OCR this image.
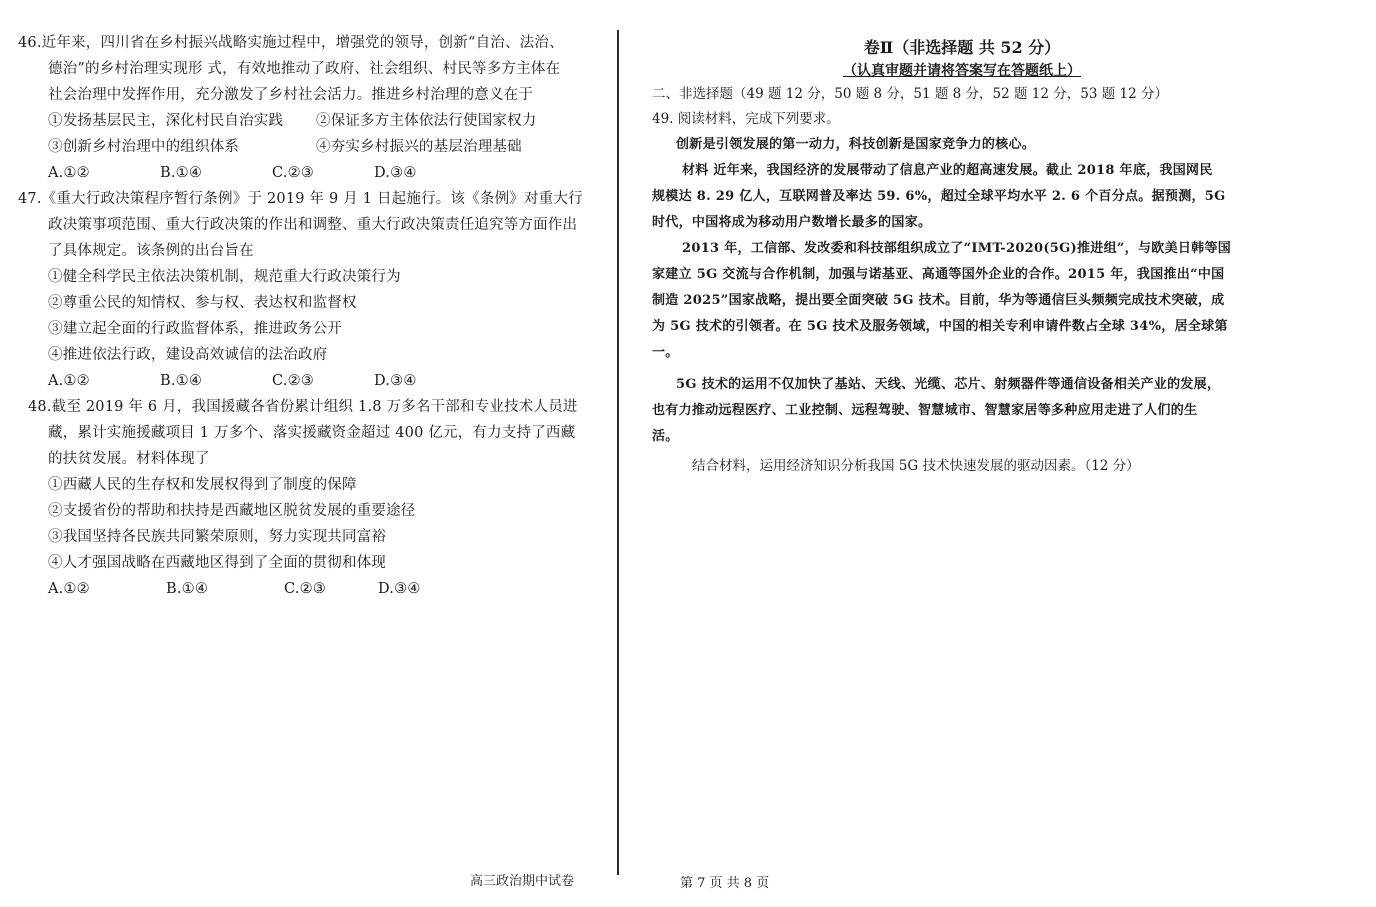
46.近年来，四川省在乡村振兴战略实施过程中，增强党的领导，创新“自治、法治、
德治”的乡村治理实现形 式，有效地推动了政府、社会组织、村民等多方主体在
社会治理中发挥作用，充分激发了乡村社会活力。推进乡村治理的意义在于
①发扬基层民主，深化村民自治实践 ②保证多方主体依法行使国家权力
③创新乡村治理中的组织体系	④夯实乡村振兴的基层治理基础
A.①②	B.①④	C.②③	D.③④
47.《重大行政决策程序暂行条例》于 2019 年 9 月 1 日起施行。该《条例》对重大行
政决策事项范围、重大行政决策的作出和调整、重大行政决策责任追究等方面作出
了具体规定。该条例的出台旨在
①健全科学民主依法决策机制，规范重大行政决策行为
②尊重公民的知情权、参与权、表达权和监督权
③建立起全面的行政监督体系，推进政务公开
④推进依法行政，建设高效诚信的法治政府
A.①②	B.①④	C.②③	D.③④
48.截至 2019 年 6 月，我国援藏各省份累计组织 1.8 万多名干部和专业技术人员进
藏，累计实施援藏项目 1 万多个、落实援藏资金超过 400 亿元，有力支持了西藏
的扶贫发展。材料体现了
①西藏人民的生存权和发展权得到了制度的保障
②支援省份的帮助和扶持是西藏地区脱贫发展的重要途径
③我国坚持各民族共同繁荣原则，努力实现共同富裕
④人才强国战略在西藏地区得到了全面的贯彻和体现
A.①②	B.①④	C.②③	D.③④
卷Ⅱ（非选择题 共 52 分）
（认真审题并请将答案写在答题纸上）
二、非选择题（49 题 12 分，50 题 8 分，51 题 8 分，52 题 12 分，53 题 12 分）
49. 阅读材料，完成下列要求。
创新是引领发展的第一动力，科技创新是国家竞争力的核心。
材料 近年来，我国经济的发展带动了信息产业的超高速发展。截止 2018 年底，我国网民
规模达 8. 29 亿人，互联网普及率达 59. 6%，超过全球平均水平 2. 6 个百分点。据预测，5G
时代，中国将成为移动用户数增长最多的国家。
2013 年，工信部、发改委和科技部组织成立了“IMT-2020(5G)推进组”，与欧美日韩等国
家建立 5G 交流与合作机制，加强与诺基亚、高通等国外企业的合作。2015 年，我国推出“中国
制造 2025”国家战略，提出要全面突破 5G 技术。目前，华为等通信巨头频频完成技术突破，成
为 5G 技术的引领者。在 5G 技术及服务领域，中国的相关专利申请件数占全球 34%，居全球第
一。
5G 技术的运用不仅加快了基站、天线、光缆、芯片、射频器件等通信设备相关产业的发展，
也有力推动远程医疗、工业控制、远程驾驶、智慧城市、智慧家居等多种应用走进了人们的生
活。
结合材料，运用经济知识分析我国 5G 技术快速发展的驱动因素。（12 分）
高三政治期中试卷	第 7 页 共 8 页
